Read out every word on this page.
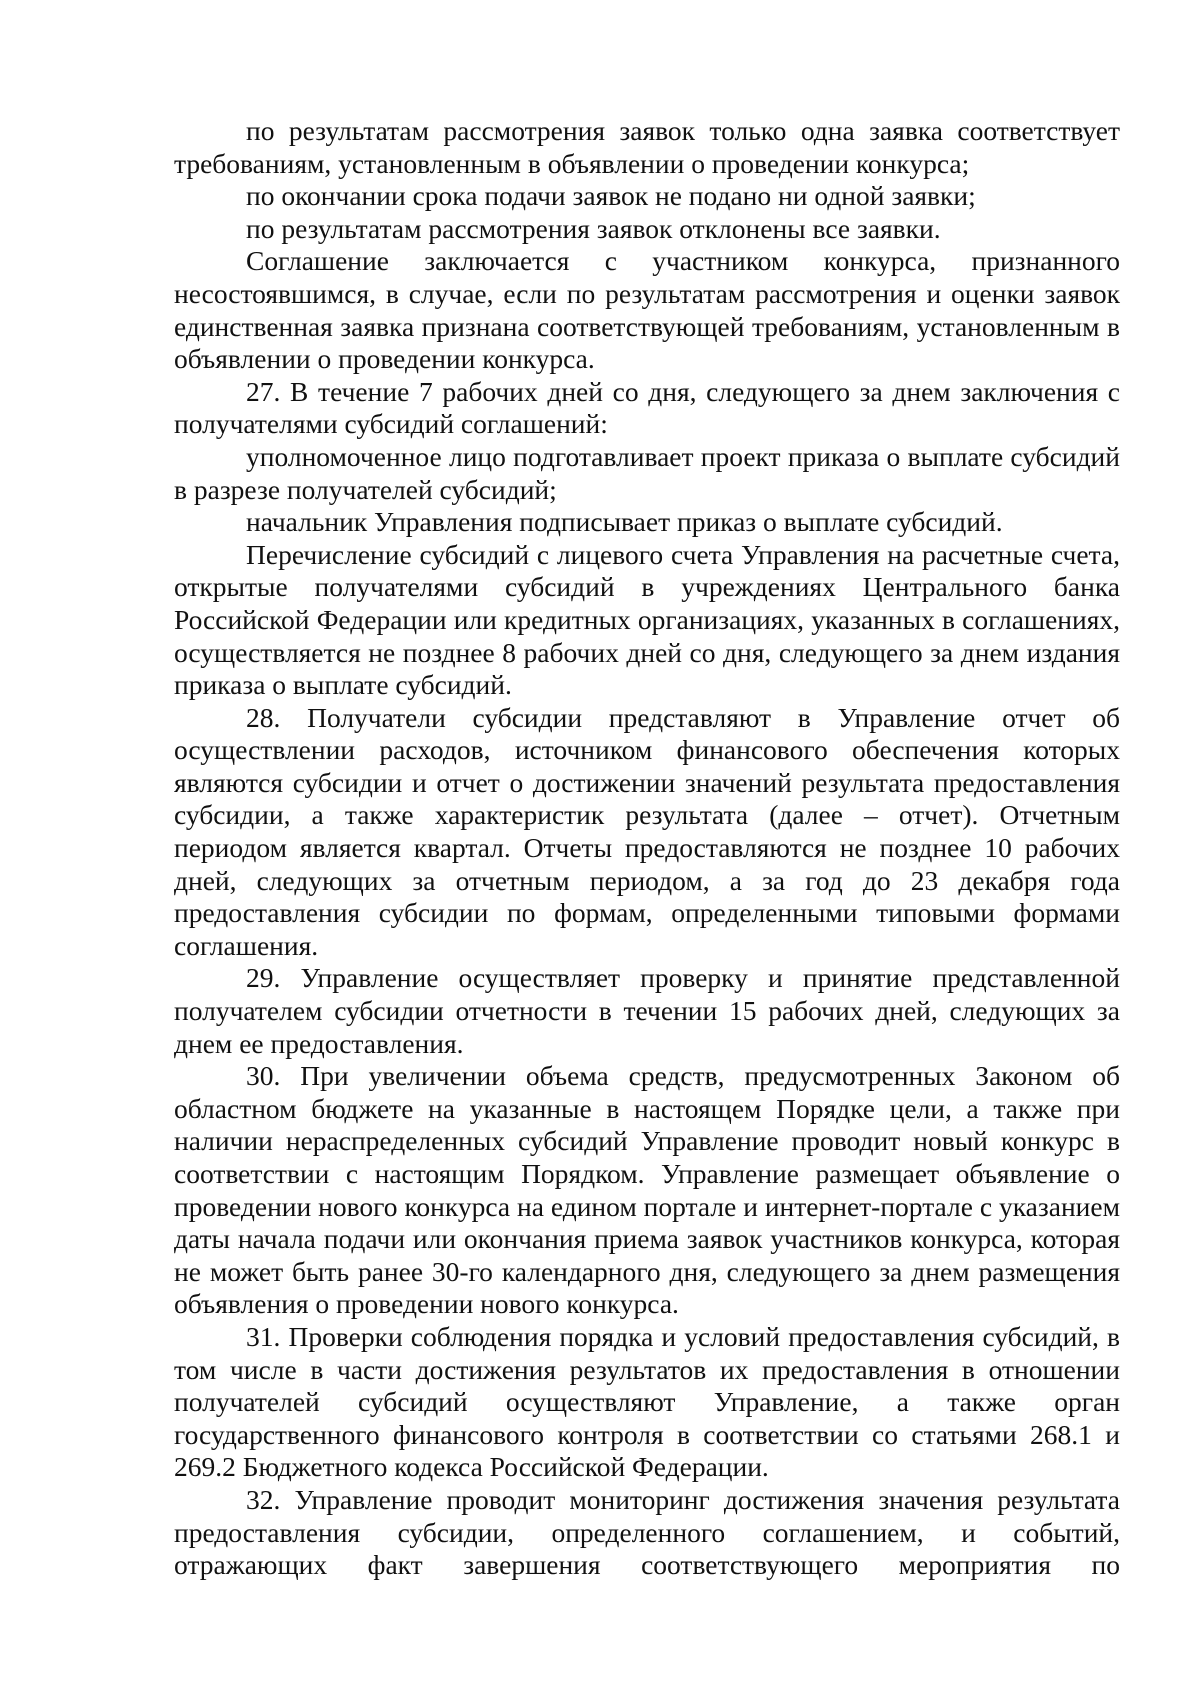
по результатам рассмотрения заявок только одна заявка соответствует требованиям, установленным в объявлении о проведении конкурса;

по окончании срока подачи заявок не подано ни одной заявки;

по результатам рассмотрения заявок отклонены все заявки.

Соглашение заключается с участником конкурса, признанного несостоявшимся, в случае, если по результатам рассмотрения и оценки заявок единственная заявка признана соответствующей требованиям, установленным в объявлении о проведении конкурса.

27. В течение 7 рабочих дней со дня, следующего за днем заключения с получателями субсидий соглашений:

уполномоченное лицо подготавливает проект приказа о выплате субсидий в разрезе получателей субсидий;

начальник Управления подписывает приказ о выплате субсидий.

Перечисление субсидий с лицевого счета Управления на расчетные счета, открытые получателями субсидий в учреждениях Центрального банка Российской Федерации или кредитных организациях, указанных в соглашениях, осуществляется не позднее 8 рабочих дней со дня, следующего за днем издания приказа о выплате субсидий.

28. Получатели субсидии представляют в Управление отчет об осуществлении расходов, источником финансового обеспечения которых являются субсидии и отчет о достижении значений результата предоставления субсидии, а также характеристик результата (далее – отчет). Отчетным периодом является квартал. Отчеты предоставляются не позднее 10 рабочих дней, следующих за отчетным периодом, а за год до 23 декабря года предоставления субсидии по формам, определенными типовыми формами соглашения.

29. Управление осуществляет проверку и принятие представленной получателем субсидии отчетности в течении 15 рабочих дней, следующих за днем ее предоставления.

30. При увеличении объема средств, предусмотренных Законом об областном бюджете на указанные в настоящем Порядке цели, а также при наличии нераспределенных субсидий Управление проводит новый конкурс в соответствии с настоящим Порядком. Управление размещает объявление о проведении нового конкурса на едином портале и интернет-портале с указанием даты начала подачи или окончания приема заявок участников конкурса, которая не может быть ранее 30-го календарного дня, следующего за днем размещения объявления о проведении нового конкурса.

31. Проверки соблюдения порядка и условий предоставления субсидий, в том числе в части достижения результатов их предоставления в отношении получателей субсидий осуществляют Управление, а также орган государственного финансового контроля в соответствии со статьями 268.1 и 269.2 Бюджетного кодекса Российской Федерации.

32. Управление проводит мониторинг достижения значения результата предоставления субсидии, определенного соглашением, и событий, отражающих факт завершения соответствующего мероприятия по
